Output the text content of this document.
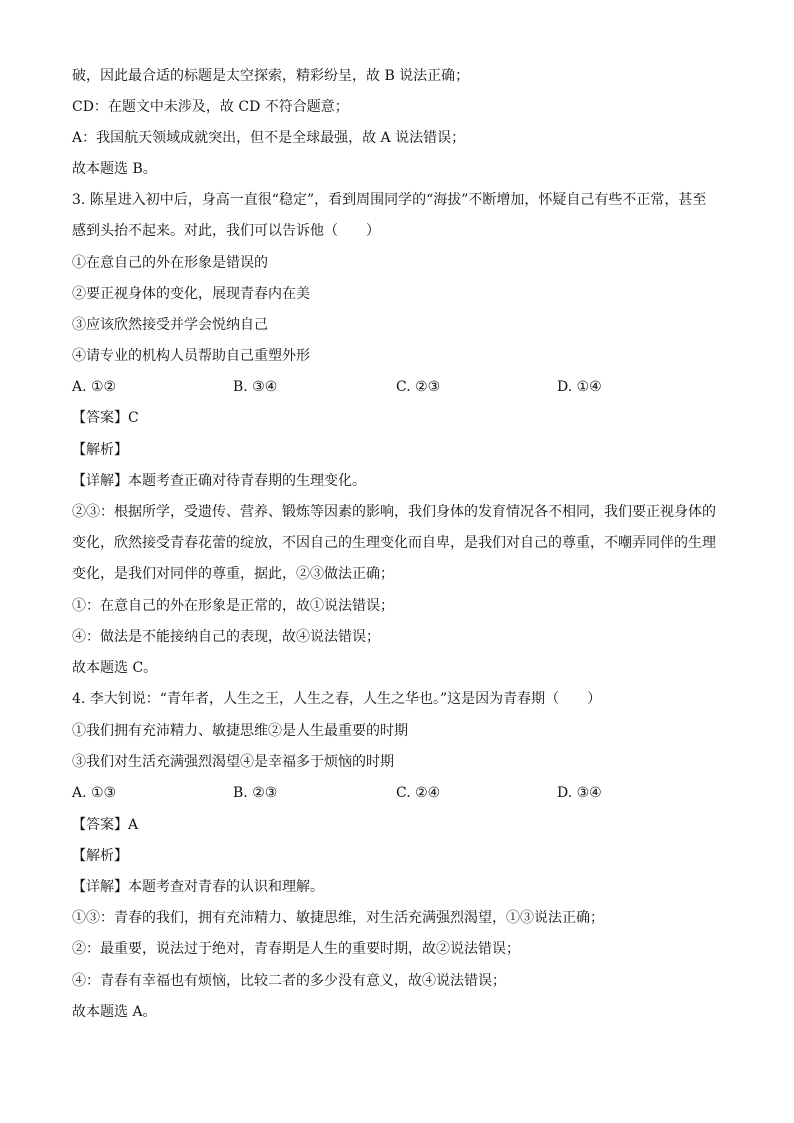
破，因此最合适的标题是太空探索，精彩纷呈，故 B 说法正确；
CD：在题文中未涉及，故 CD 不符合题意；
A：我国航天领域成就突出，但不是全球最强，故 A 说法错误；
故本题选 B。
3. 陈星进入初中后，身高一直很“稳定”，看到周围同学的“海拔”不断增加，怀疑自己有些不正常，甚至
感到头抬不起来。对此，我们可以告诉他（　　）
①在意自己的外在形象是错误的
②要正视身体的变化，展现青春内在美
③应该欣然接受并学会悦纳自己
④请专业的机构人员帮助自己重塑外形
A. ①②	B. ③④	C. ②③	D. ①④
【答案】C
【解析】
【详解】本题考查正确对待青春期的生理变化。
②③：根据所学，受遗传、营养、锻炼等因素的影响，我们身体的发育情况各不相同，我们要正视身体的
变化，欣然接受青春花蕾的绽放，不因自己的生理变化而自卑，是我们对自己的尊重，不嘲弄同伴的生理
变化，是我们对同伴的尊重，据此，②③做法正确；
①：在意自己的外在形象是正常的，故①说法错误；
④：做法是不能接纳自己的表现，故④说法错误；
故本题选 C。
4. 李大钊说：“青年者，人生之王，人生之春，人生之华也。”这是因为青春期（　　）
①我们拥有充沛精力、敏捷思维②是人生最重要的时期
③我们对生活充满强烈渴望④是幸福多于烦恼的时期
A. ①③	B. ②③	C. ②④	D. ③④
【答案】A
【解析】
【详解】本题考查对青春的认识和理解。
①③：青春的我们，拥有充沛精力、敏捷思维，对生活充满强烈渴望，①③说法正确；
②：最重要，说法过于绝对，青春期是人生的重要时期，故②说法错误；
④：青春有幸福也有烦恼，比较二者的多少没有意义，故④说法错误；
故本题选 A。
